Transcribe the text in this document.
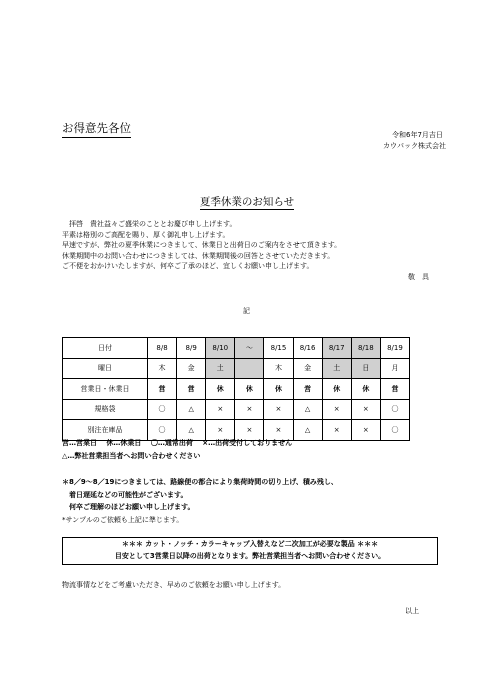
お得意先各位	令和6年7月吉日
カウパック株式会社
夏季休業のお知らせ
　拝啓　貴社益々ご盛栄のこととお慶び申し上げます。
平素は格別のご高配を賜り、厚く御礼申し上げます。
早速ですが、弊社の夏季休業につきまして、休業日と出荷日のご案内をさせて頂きます。
休業期間中のお問い合わせにつきましては、休業期間後の回答とさせていただきます。
ご不便をおかけいたしますが、何卒ご了承のほど、宜しくお願い申し上げます。
敬　具
記
日付	8/8	8/9	8/10	～	8/15	8/16	8/17	8/18	8/19
曜日	木	金	土		木	金	土	日	月
営業日・休業日	営	営	休	休	休	営	休	休	営
規格袋	〇	△	×	×	×	△	×	×	〇
別注在庫品	〇	△	×	×	×	△	×	×	〇
営…営業日　 休…休業日　 〇…通常出荷　 ×…出荷受付しておりません
△…弊社営業担当者へお問い合わせください
＊8／9～8／19につきましては、路線便の都合により集荷時間の切り上げ、積み残し、
　着日遅延などの可能性がございます。
　何卒ご理解のほどお願い申し上げます。
*サンプルのご依頼も上記に準じます。
＊＊＊ カット・ノッチ・カラーキャップ入替えなど二次加工が必要な製品 ＊＊＊
目安として3営業日以降の出荷となります。弊社営業担当者へお問い合わせください。
物流事情などをご考慮いただき、早めのご依頼をお願い申し上げます。
以上
